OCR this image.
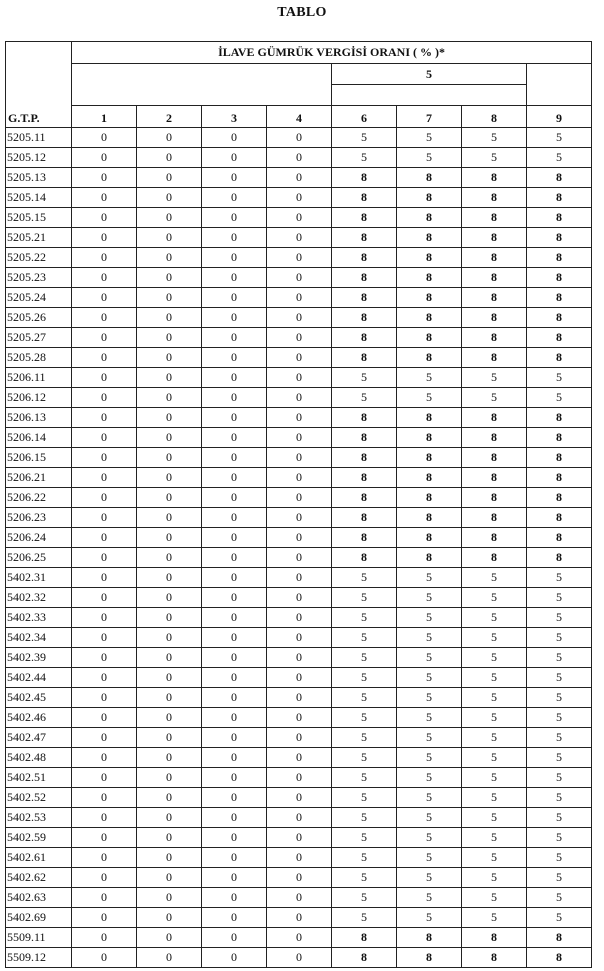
TABLO
G.T.P.	İLAVE GÜMRÜK VERGİSİ ORANI ( % )*							
					5			

	1	2	3	4	6	7	8	9
5205.11	0	0	0	0	5	5	5	5
5205.12	0	0	0	0	5	5	5	5
5205.13	0	0	0	0	8	8	8	8
5205.14	0	0	0	0	8	8	8	8
5205.15	0	0	0	0	8	8	8	8
5205.21	0	0	0	0	8	8	8	8
5205.22	0	0	0	0	8	8	8	8
5205.23	0	0	0	0	8	8	8	8
5205.24	0	0	0	0	8	8	8	8
5205.26	0	0	0	0	8	8	8	8
5205.27	0	0	0	0	8	8	8	8
5205.28	0	0	0	0	8	8	8	8
5206.11	0	0	0	0	5	5	5	5
5206.12	0	0	0	0	5	5	5	5
5206.13	0	0	0	0	8	8	8	8
5206.14	0	0	0	0	8	8	8	8
5206.15	0	0	0	0	8	8	8	8
5206.21	0	0	0	0	8	8	8	8
5206.22	0	0	0	0	8	8	8	8
5206.23	0	0	0	0	8	8	8	8
5206.24	0	0	0	0	8	8	8	8
5206.25	0	0	0	0	8	8	8	8
5402.31	0	0	0	0	5	5	5	5
5402.32	0	0	0	0	5	5	5	5
5402.33	0	0	0	0	5	5	5	5
5402.34	0	0	0	0	5	5	5	5
5402.39	0	0	0	0	5	5	5	5
5402.44	0	0	0	0	5	5	5	5
5402.45	0	0	0	0	5	5	5	5
5402.46	0	0	0	0	5	5	5	5
5402.47	0	0	0	0	5	5	5	5
5402.48	0	0	0	0	5	5	5	5
5402.51	0	0	0	0	5	5	5	5
5402.52	0	0	0	0	5	5	5	5
5402.53	0	0	0	0	5	5	5	5
5402.59	0	0	0	0	5	5	5	5
5402.61	0	0	0	0	5	5	5	5
5402.62	0	0	0	0	5	5	5	5
5402.63	0	0	0	0	5	5	5	5
5402.69	0	0	0	0	5	5	5	5
5509.11	0	0	0	0	8	8	8	8
5509.12	0	0	0	0	8	8	8	8
